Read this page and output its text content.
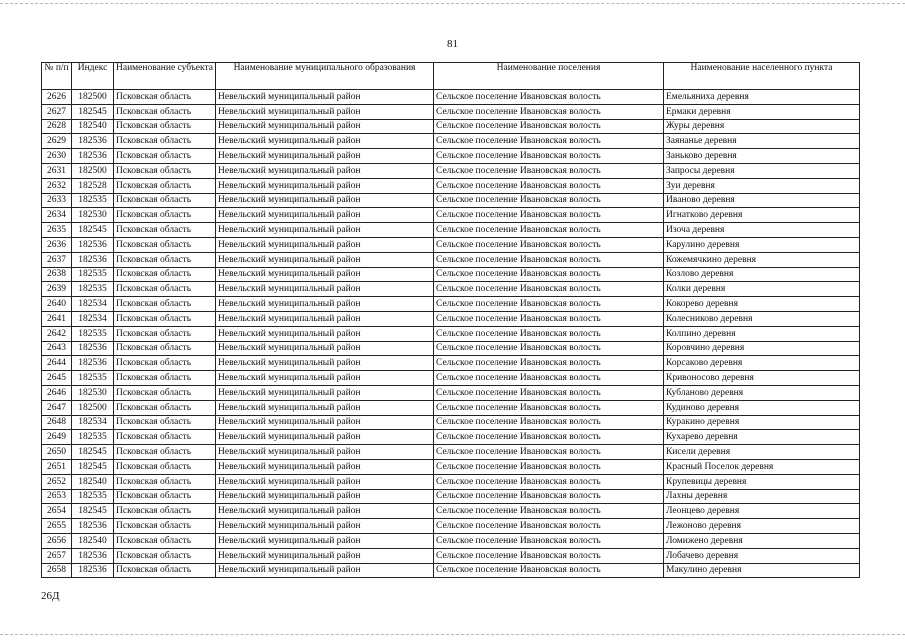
81
№ п/п	Индекс	Наименование субъекта	Наименование муниципального образования	Наименование поселения	Наименование населенного пункта
2626	182500	Псковская область	Невельский муниципальный район	Сельское поселение Ивановская волость	Емельяниха деревня
2627	182545	Псковская область	Невельский муниципальный район	Сельское поселение Ивановская волость	Ермаки деревня
2628	182540	Псковская область	Невельский муниципальный район	Сельское поселение Ивановская волость	Журы деревня
2629	182536	Псковская область	Невельский муниципальный район	Сельское поселение Ивановская волость	Заянанье деревня
2630	182536	Псковская область	Невельский муниципальный район	Сельское поселение Ивановская волость	Заньково деревня
2631	182500	Псковская область	Невельский муниципальный район	Сельское поселение Ивановская волость	Запросы деревня
2632	182528	Псковская область	Невельский муниципальный район	Сельское поселение Ивановская волость	Зуи деревня
2633	182535	Псковская область	Невельский муниципальный район	Сельское поселение Ивановская волость	Иваново деревня
2634	182530	Псковская область	Невельский муниципальный район	Сельское поселение Ивановская волость	Игнатково деревня
2635	182545	Псковская область	Невельский муниципальный район	Сельское поселение Ивановская волость	Изоча деревня
2636	182536	Псковская область	Невельский муниципальный район	Сельское поселение Ивановская волость	Карулино деревня
2637	182536	Псковская область	Невельский муниципальный район	Сельское поселение Ивановская волость	Кожемячкино деревня
2638	182535	Псковская область	Невельский муниципальный район	Сельское поселение Ивановская волость	Козлово деревня
2639	182535	Псковская область	Невельский муниципальный район	Сельское поселение Ивановская волость	Колки деревня
2640	182534	Псковская область	Невельский муниципальный район	Сельское поселение Ивановская волость	Кокорево деревня
2641	182534	Псковская область	Невельский муниципальный район	Сельское поселение Ивановская волость	Колесниково деревня
2642	182535	Псковская область	Невельский муниципальный район	Сельское поселение Ивановская волость	Колпино деревня
2643	182536	Псковская область	Невельский муниципальный район	Сельское поселение Ивановская волость	Коровчино деревня
2644	182536	Псковская область	Невельский муниципальный район	Сельское поселение Ивановская волость	Корсаково деревня
2645	182535	Псковская область	Невельский муниципальный район	Сельское поселение Ивановская волость	Кривоносово деревня
2646	182530	Псковская область	Невельский муниципальный район	Сельское поселение Ивановская волость	Кубланово деревня
2647	182500	Псковская область	Невельский муниципальный район	Сельское поселение Ивановская волость	Кудиново деревня
2648	182534	Псковская область	Невельский муниципальный район	Сельское поселение Ивановская волость	Куракино деревня
2649	182535	Псковская область	Невельский муниципальный район	Сельское поселение Ивановская волость	Кухарево деревня
2650	182545	Псковская область	Невельский муниципальный район	Сельское поселение Ивановская волость	Кисели деревня
2651	182545	Псковская область	Невельский муниципальный район	Сельское поселение Ивановская волость	Красный Поселок деревня
2652	182540	Псковская область	Невельский муниципальный район	Сельское поселение Ивановская волость	Крупевицы деревня
2653	182535	Псковская область	Невельский муниципальный район	Сельское поселение Ивановская волость	Лахны деревня
2654	182545	Псковская область	Невельский муниципальный район	Сельское поселение Ивановская волость	Леонцево деревня
2655	182536	Псковская область	Невельский муниципальный район	Сельское поселение Ивановская волость	Лежоново деревня
2656	182540	Псковская область	Невельский муниципальный район	Сельское поселение Ивановская волость	Ломижено деревня
2657	182536	Псковская область	Невельский муниципальный район	Сельское поселение Ивановская волость	Лобачево деревня
2658	182536	Псковская область	Невельский муниципальный район	Сельское поселение Ивановская волость	Макулино деревня
26Д
